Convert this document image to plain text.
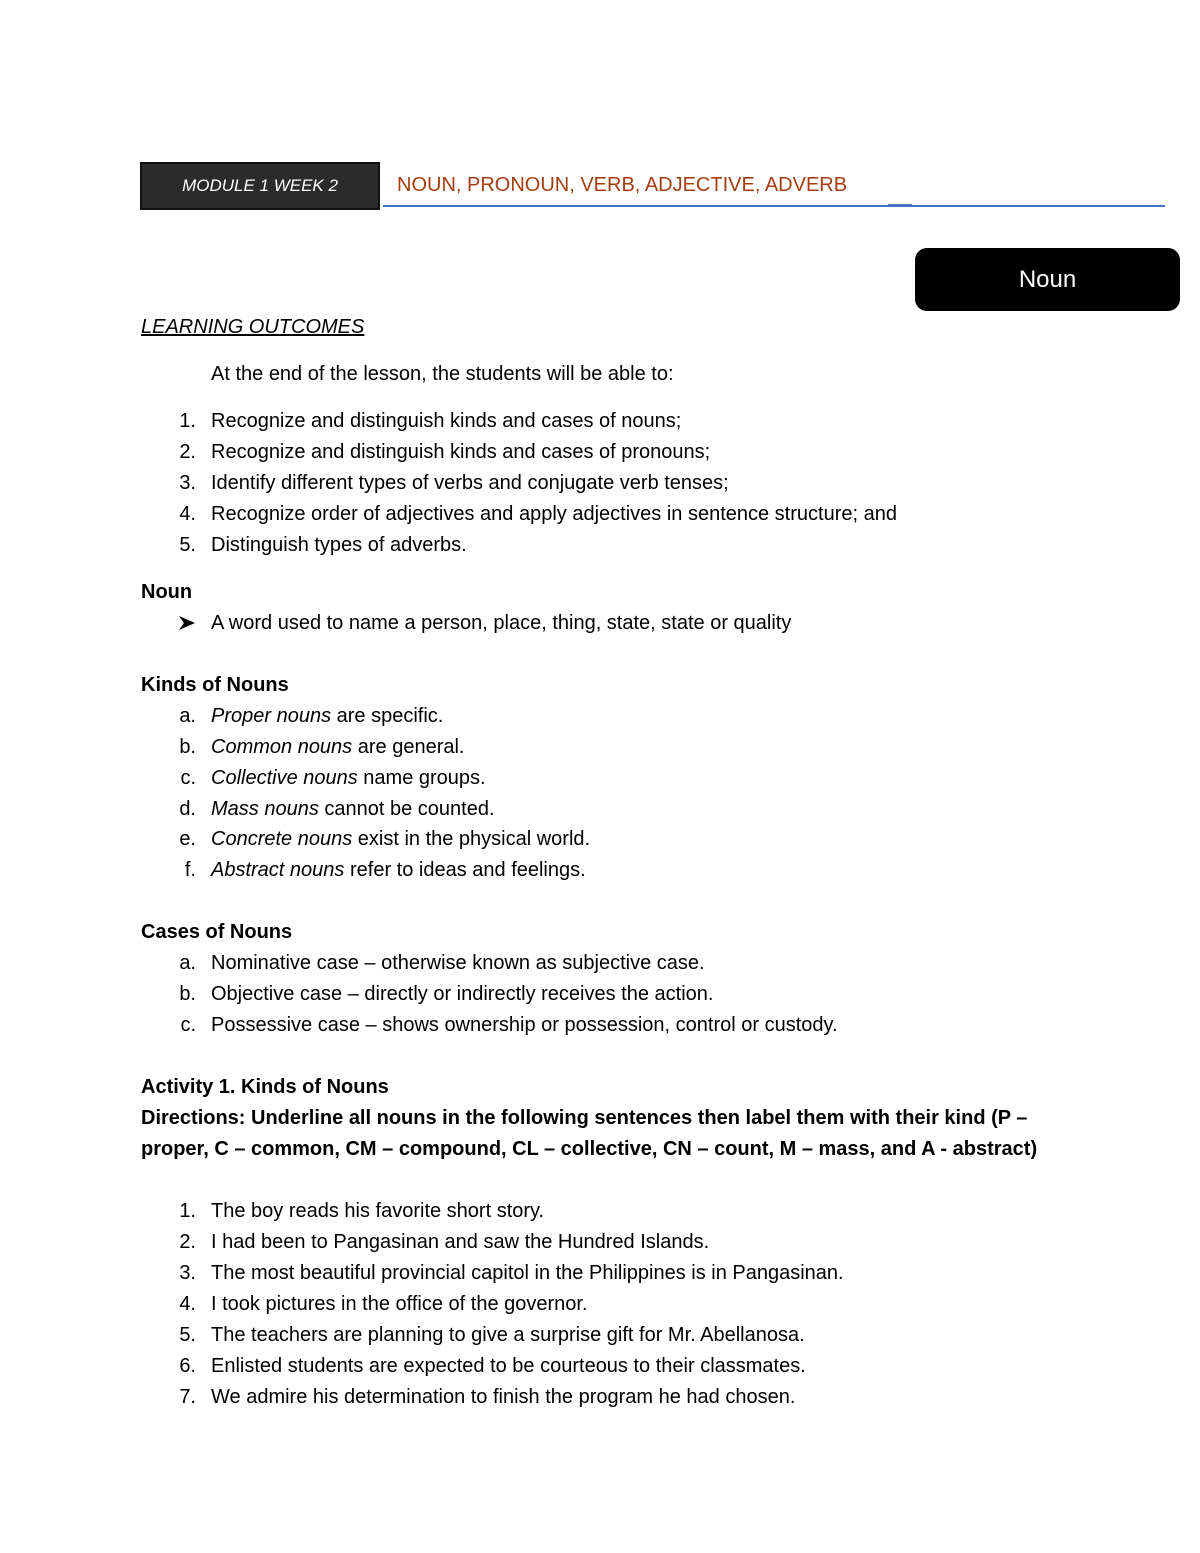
MODULE 1 WEEK 2	NOUN, PRONOUN, VERB, ADJECTIVE, ADVERB
Noun
LEARNING OUTCOMES
At the end of the lesson, the students will be able to:
1. Recognize and distinguish kinds and cases of nouns;
2. Recognize and distinguish kinds and cases of pronouns;
3. Identify different types of verbs and conjugate verb tenses;
4. Recognize order of adjectives and apply adjectives in sentence structure; and
5. Distinguish types of adverbs.
Noun
A word used to name a person, place, thing, state, state or quality
Kinds of Nouns
a. Proper nouns are specific.
b. Common nouns are general.
c. Collective nouns name groups.
d. Mass nouns cannot be counted.
e. Concrete nouns exist in the physical world.
f. Abstract nouns refer to ideas and feelings.
Cases of Nouns
a. Nominative case – otherwise known as subjective case.
b. Objective case – directly or indirectly receives the action.
c. Possessive case – shows ownership or possession, control or custody.
Activity 1. Kinds of Nouns
Directions: Underline all nouns in the following sentences then label them with their kind (P –
proper, C – common, CM – compound, CL – collective, CN – count, M – mass, and A - abstract)
1. The boy reads his favorite short story.
2. I had been to Pangasinan and saw the Hundred Islands.
3. The most beautiful provincial capitol in the Philippines is in Pangasinan.
4. I took pictures in the office of the governor.
5. The teachers are planning to give a surprise gift for Mr. Abellanosa.
6. Enlisted students are expected to be courteous to their classmates.
7. We admire his determination to finish the program he had chosen.
